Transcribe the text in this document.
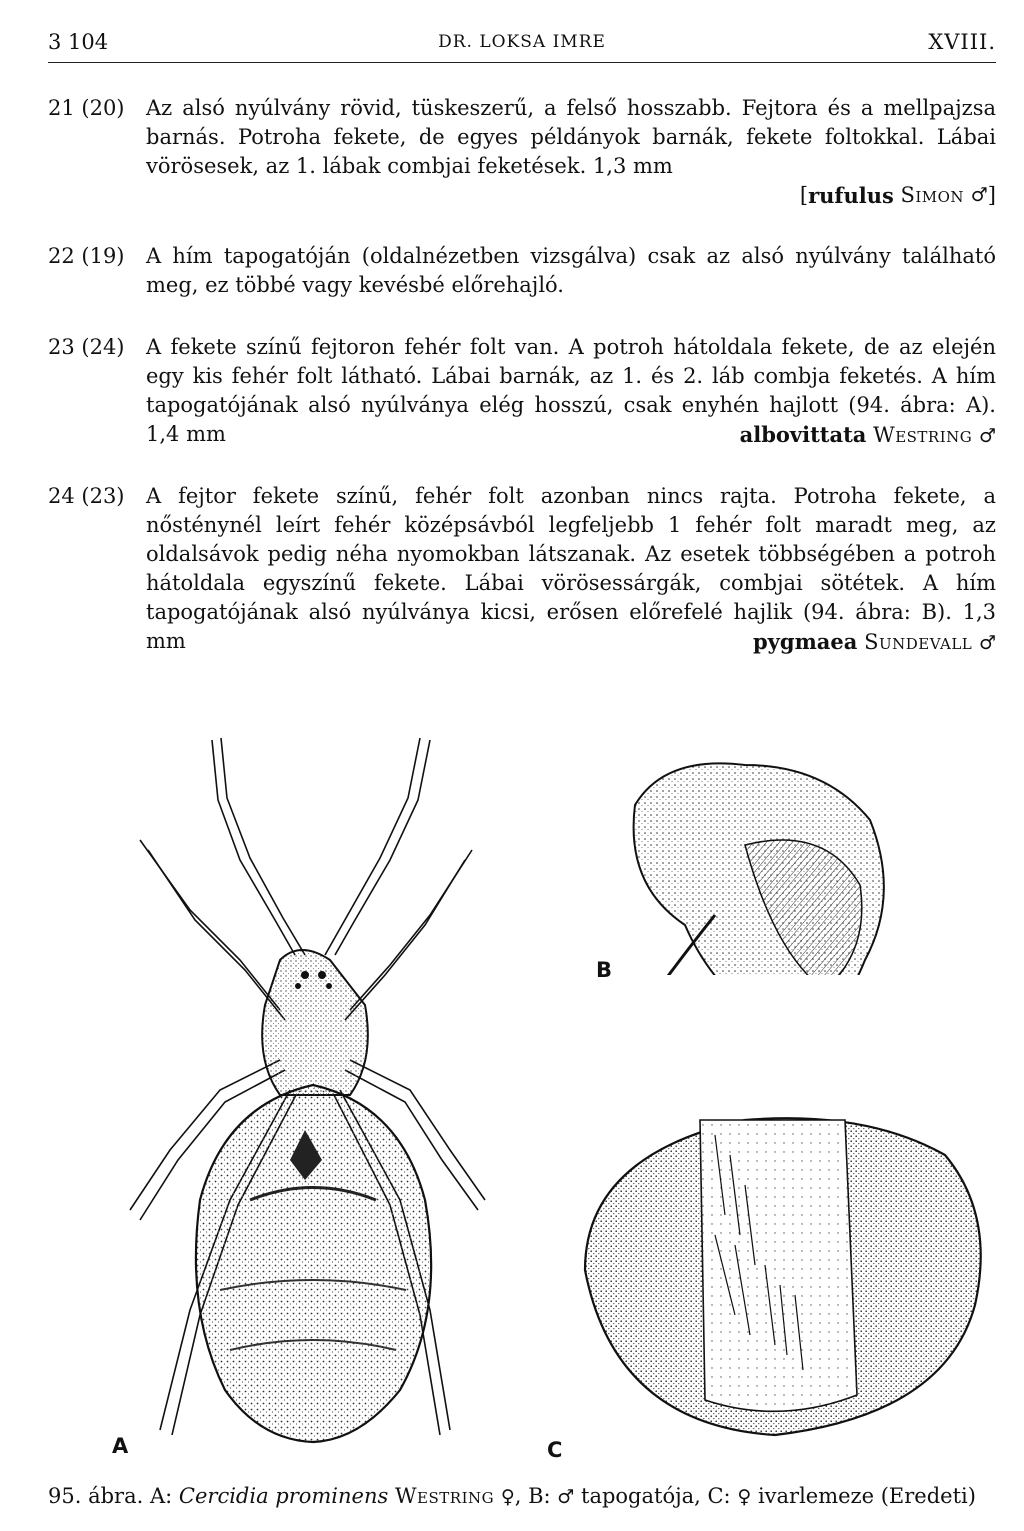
3 104	DR. LOKSA IMRE	XVIII.
21 (20) Az alsó nyúlvány rövid, tüskeszerű, a felső hosszabb. Fejtora és a mellpajzsa barnás. Potroha fekete, de egyes példányok barnák, fekete foltokkal. Lábai vörösesek, az 1. lábak combjai feketések. 1,3 mm
[ rufulus
Simon
♂ ]
22 (19) A hím tapogatóján (oldalnézetben vizsgálva) csak az alsó nyúlvány található meg, ez többé vagy kevésbé előrehajló.
23 (24) A fekete színű fejtoron fehér folt van. A potroh hátoldala fekete, de az elején egy kis fehér folt látható. Lábai barnák, az 1. és 2. láb combja feketés. A hím tapogatójának alsó nyúlványa elég hosszú, csak enyhén hajlott (94. ábra: A). 1,4 mm	albovittata Westring ♂
24 (23) A fejtor fekete színű, fehér folt azonban nincs rajta. Potroha fekete, a nősténynél leírt fehér középsávból legfeljebb 1 fehér folt maradt meg, az oldalsávok pedig néha nyomokban látszanak. Az esetek többségében a potroh hátoldala egyszínű fekete. Lábai vörösessárgák, combjai sötétek. A hím tapogatójának alsó nyúlványa kicsi, erősen előrefelé hajlik (94. ábra: B). 1,3 mm	pygmaea Sundevall ♂
A
B
C
95. ábra. A: Cercidia prominens Westring ♀, B: ♂ tapogatója, C: ♀ ivarlemeze (Eredeti)
